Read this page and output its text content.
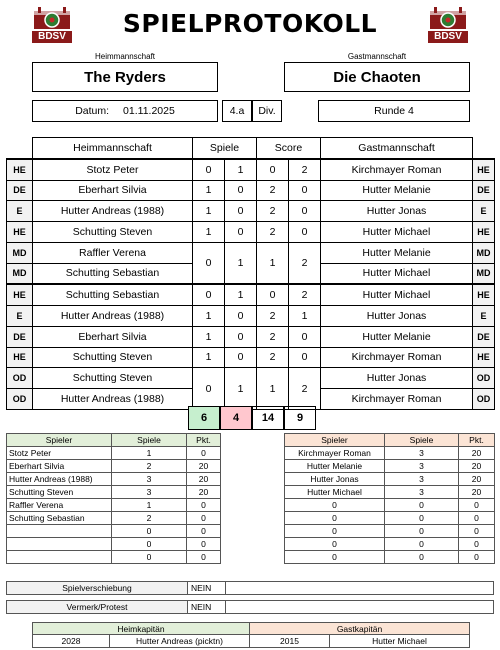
BDSV	BDSV
SPIELPROTOKOLL
Heimmannschaft	Gastmannschaft
The Ryders	Die Chaoten
Datum: 01.11.2025	4.a	Div.	Runde 4
	Heimmannschaft	Spiele		Score		Gastmannschaft	
HE	Stotz Peter	0	1	0	2	Kirchmayer Roman	HE
DE	Eberhart Silvia	1	0	2	0	Hutter Melanie	DE
E	Hutter Andreas (1988)	1	0	2	0	Hutter Jonas	E
HE	Schutting Steven	1	0	2	0	Hutter Michael	HE
MD	Raffler Verena	0	1	1	2	Hutter Melanie	MD
MD	Schutting Sebastian					Hutter Michael	MD
HE	Schutting Sebastian	0	1	0	2	Hutter Michael	HE
E	Hutter Andreas (1988)	1	0	2	1	Hutter Jonas	E
DE	Eberhart Silvia	1	0	2	0	Hutter Melanie	DE
HE	Schutting Steven	1	0	2	0	Kirchmayer Roman	HE
OD	Schutting Steven	0	1	1	2	Hutter Jonas	OD
OD	Hutter Andreas (1988)					Kirchmayer Roman	OD
6	4	14	9
Spieler	Spiele	Pkt.
Stotz Peter	1	0
Eberhart Silvia	2	20
Hutter Andreas (1988)	3	20
Schutting Steven	3	20
Raffler Verena	1	0
Schutting Sebastian	2	0
	0	0
	0	0
	0	0
Spieler	Spiele	Pkt.
Kirchmayer Roman	3	20
Hutter Melanie	3	20
Hutter Jonas	3	20
Hutter Michael	3	20
0	0	0
0	0	0
0	0	0
0	0	0
0	0	0
Spielverschiebung	NEIN
Vermerk/Protest	NEIN
Heimkapitän	Gastkapitän
2028	Hutter Andreas (picktn)	2015	Hutter Michael
